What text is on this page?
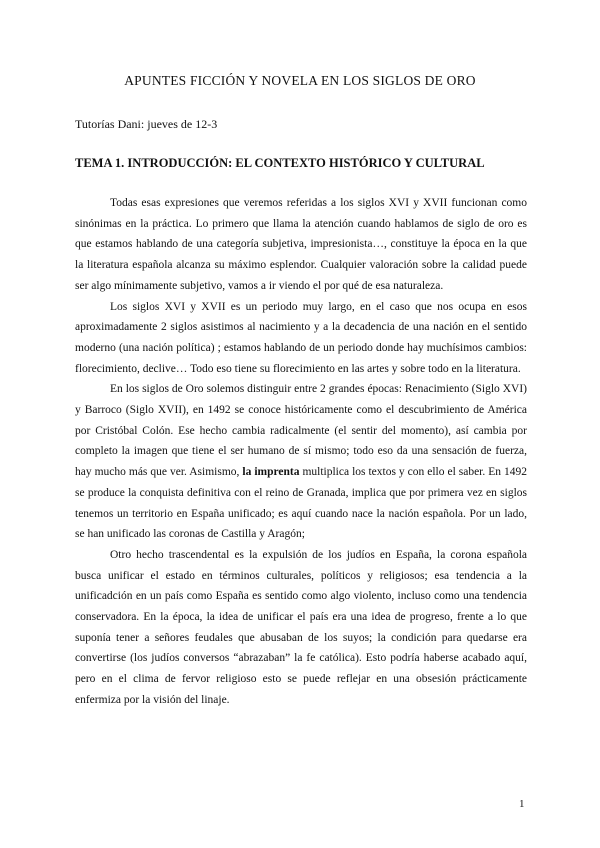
APUNTES FICCIÓN Y NOVELA EN LOS SIGLOS DE ORO
Tutorías Dani: jueves de 12-3
TEMA 1. INTRODUCCIÓN: EL CONTEXTO HISTÓRICO Y CULTURAL

Todas esas expresiones que veremos referidas a los siglos XVI y XVII funcionan como sinónimas en la práctica. Lo primero que llama la atención cuando hablamos de siglo de oro es que estamos hablando de una categoría subjetiva, impresionista…, constituye la época en la que la literatura española alcanza su máximo esplendor. Cualquier valoración sobre la calidad puede ser algo mínimamente subjetivo, vamos a ir viendo el por qué de esa naturaleza.

Los siglos XVI y XVII es un periodo muy largo, en el caso que nos ocupa en esos aproximadamente 2 siglos asistimos al nacimiento y a la decadencia de una nación en el sentido moderno (una nación política) ; estamos hablando de un periodo donde hay muchísimos cambios: florecimiento, declive… Todo eso tiene su florecimiento en las artes y sobre todo en la literatura.

En los siglos de Oro solemos distinguir entre 2 grandes épocas: Renacimiento (Siglo XVI) y Barroco (Siglo XVII), en 1492 se conoce históricamente como el descubrimiento de América por Cristóbal Colón. Ese hecho cambia radicalmente (el sentir del momento), así cambia por completo la imagen que tiene el ser humano de sí mismo; todo eso da una sensación de fuerza, hay mucho más que ver. Asimismo, la imprenta multiplica los textos y con ello el saber. En 1492 se produce la conquista definitiva con el reino de Granada, implica que por primera vez en siglos tenemos un territorio en España unificado; es aquí cuando nace la nación española. Por un lado, se han unificado las coronas de Castilla y Aragón;

Otro hecho trascendental es la expulsión de los judíos en España, la corona española busca unificar el estado en términos culturales, políticos y religiosos; esa tendencia a la unificadción en un país como España es sentido como algo violento, incluso como una tendencia conservadora. En la época, la idea de unificar el país era una idea de progreso, frente a lo que suponía tener a señores feudales que abusaban de los suyos; la condición para quedarse era convertirse (los judíos conversos “abrazaban” la fe católica). Esto podría haberse acabado aquí, pero en el clima de fervor religioso esto se puede reflejar en una obsesión prácticamente enfermiza por la visión del linaje.

1
